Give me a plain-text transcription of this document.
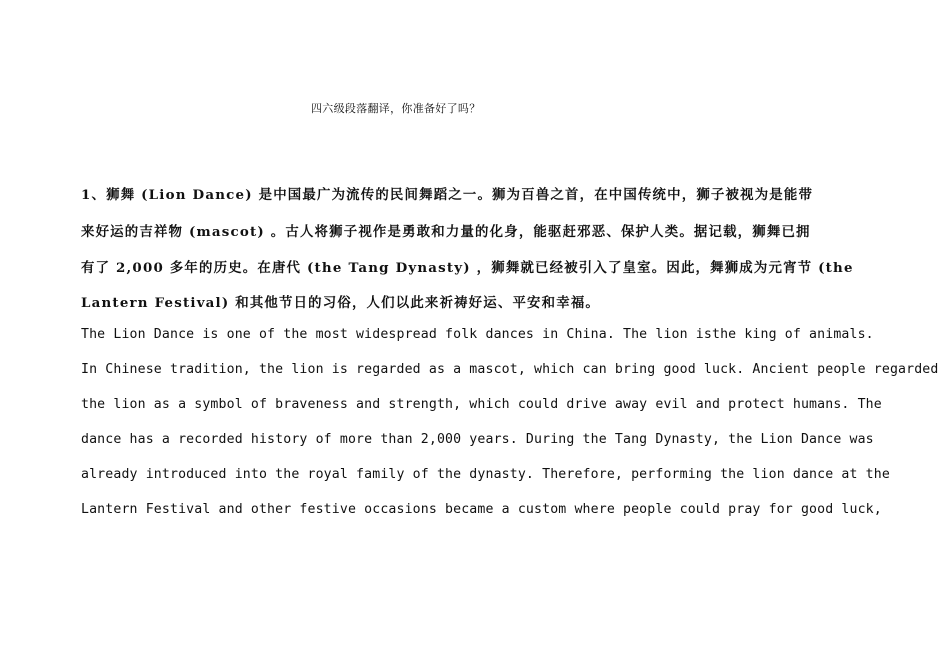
四六级段落翻译，你准备好了吗？
1、狮舞 (Lion Dance) 是中国最广为流传的民间舞蹈之一。狮为百兽之首，在中国传统中，狮子被视为是能带
来好运的吉祥物 (mascot) 。古人将狮子视作是勇敢和力量的化身，能驱赶邪恶、保护人类。据记载，狮舞已拥
有了 2,000 多年的历史。在唐代 (the Tang Dynasty) ，狮舞就已经被引入了皇室。因此，舞狮成为元宵节 (the
Lantern Festival) 和其他节日的习俗，人们以此来祈祷好运、平安和幸福。
The Lion Dance is one of the most widespread folk dances in China. The lion isthe king of animals.
In Chinese tradition, the lion is regarded as a mascot, which can bring good luck. Ancient people regarded
the lion as a symbol of braveness and strength, which could drive away evil and protect humans. The
dance has a recorded history of more than 2,000 years. During the Tang Dynasty, the Lion Dance was
already introduced into the royal family of the dynasty. Therefore, performing the lion dance at the
Lantern Festival and other festive occasions became a custom where people could pray for good luck,
